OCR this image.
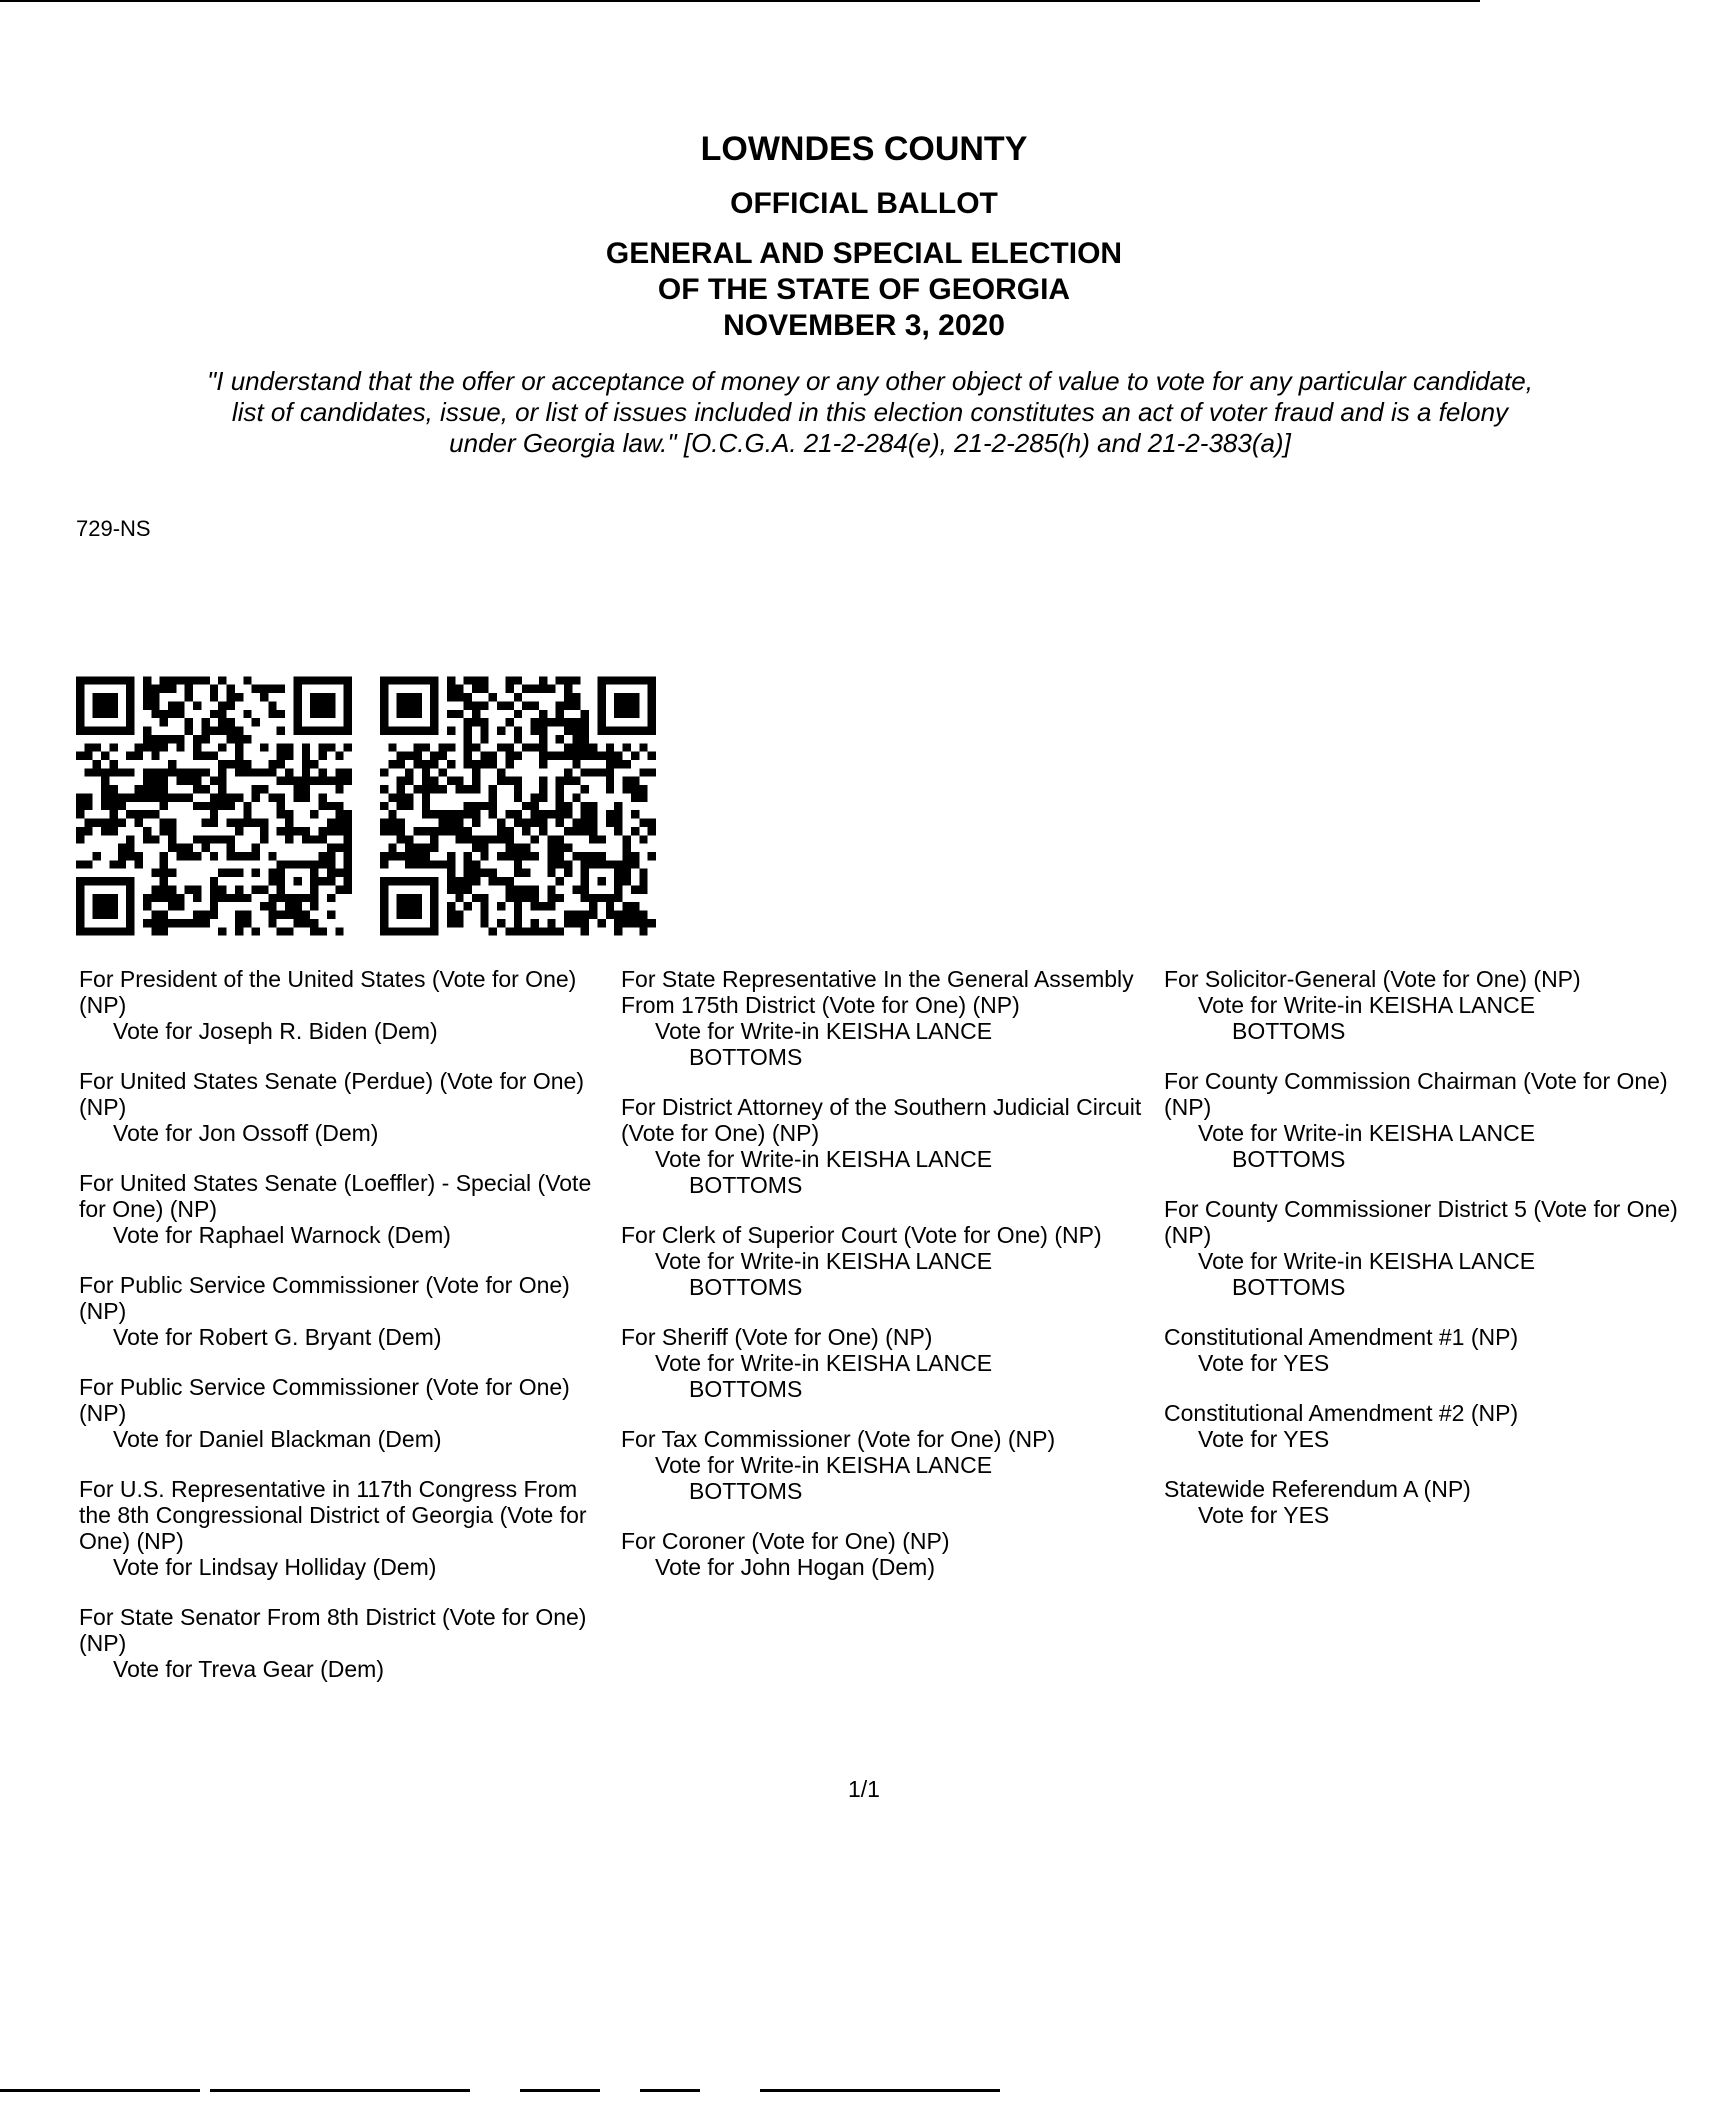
LOWNDES COUNTY
OFFICIAL BALLOT
GENERAL AND SPECIAL ELECTION
OF THE STATE OF GEORGIA
NOVEMBER 3, 2020
"I understand that the offer or acceptance of money or any other object of value to vote for any particular candidate,
list of candidates, issue, or list of issues included in this election constitutes an act of voter fraud and is a felony
under Georgia law." [O.C.G.A. 21-2-284(e), 21-2-285(h) and 21-2-383(a)]
729-NS
For President of the United States (Vote for One) (NP)
Vote for Joseph R. Biden (Dem)
For United States Senate (Perdue) (Vote for One) (NP)
Vote for Jon Ossoff (Dem)
For United States Senate (Loeffler) - Special (Vote for One) (NP)
Vote for Raphael Warnock (Dem)
For Public Service Commissioner (Vote for One) (NP)
Vote for Robert G. Bryant (Dem)
For Public Service Commissioner (Vote for One) (NP)
Vote for Daniel Blackman (Dem)
For U.S. Representative in 117th Congress From the 8th Congressional District of Georgia (Vote for One) (NP)
Vote for Lindsay Holliday (Dem)
For State Senator From 8th District (Vote for One) (NP)
Vote for Treva Gear (Dem)
For State Representative In the General Assembly From 175th District (Vote for One) (NP)
Vote for Write-in KEISHA LANCE
BOTTOMS
For District Attorney of the Southern Judicial Circuit (Vote for One) (NP)
Vote for Write-in KEISHA LANCE
BOTTOMS
For Clerk of Superior Court (Vote for One) (NP)
Vote for Write-in KEISHA LANCE
BOTTOMS
For Sheriff (Vote for One) (NP)
Vote for Write-in KEISHA LANCE
BOTTOMS
For Tax Commissioner (Vote for One) (NP)
Vote for Write-in KEISHA LANCE
BOTTOMS
For Coroner (Vote for One) (NP)
Vote for John Hogan (Dem)
For Solicitor-General (Vote for One) (NP)
Vote for Write-in KEISHA LANCE
BOTTOMS
For County Commission Chairman (Vote for One) (NP)
Vote for Write-in KEISHA LANCE
BOTTOMS
For County Commissioner District 5 (Vote for One) (NP)
Vote for Write-in KEISHA LANCE
BOTTOMS
Constitutional Amendment #1 (NP)
Vote for YES
Constitutional Amendment #2 (NP)
Vote for YES
Statewide Referendum A (NP)
Vote for YES
1/1
